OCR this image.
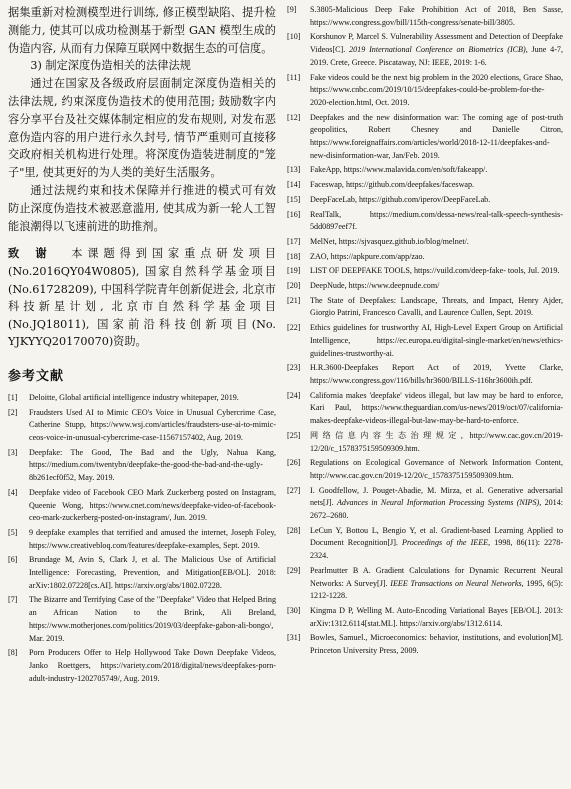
据集重新对检测模型进行训练, 修正模型缺陷、提升检测能力, 使其可以成功检测基于新型 GAN 模型生成的伪造内容, 从而有力保障互联网中数据生态的可信度。

3) 制定深度伪造相关的法律法规

通过在国家及各级政府层面制定深度伪造相关的法律法规, 约束深度伪造技术的使用范围; 鼓励数字内容分享平台及社交媒体制定相应的发布规则, 对发布恶意伪造内容的用户进行永久封号, 情节严重则可直接移交政府相关机构进行处理。将深度伪造装进制度的"笼子"里, 使其更好的为人类的美好生活服务。

通过法规约束和技术保障并行推进的模式可有效防止深度伪造技术被恶意滥用, 使其成为新一轮人工智能浪潮得以飞速前进的助推剂。

致谢 本课题得到国家重点研发项目(No.2016QY04W0805), 国家自然科学基金项目(No.61728209), 中国科学院青年创新促进会, 北京市科技新星计划, 北京市自然科学基金项目(No.JQ18011), 国家前沿科技创新项目(No. YJKYYQ20170070)资助。

参考文献
[1] Deloitte, Global artificial intelligence industry whitepaper, 2019.
[2] Fraudsters Used AI to Mimic CEO's Voice in Unusual Cybercrime Case, Catherine Stupp, https://www.wsj.com/articles/fraudsters-use-ai-to-mimic-ceos-voice-in-unusual-cybercrime-case-11567157402, Aug. 2019.
[3] Deepfake: The Good, The Bad and the Ugly, Nahua Kang, https://medium.com/twentybn/deepfake-the-good-the-bad-and-the-ugly-8b261ecf0f52, May. 2019.
[4] Deepfake video of Facebook CEO Mark Zuckerberg posted on Instagram, Queenie Wong, https://www.cnet.com/news/deepfake-video-of-facebook-ceo-mark-zuckerberg-posted-on-instagram/, Jun. 2019.
[5] 9 deepfake examples that terrified and amused the internet, Joseph Foley, https://www.creativebloq.com/features/deepfake-examples, Sept. 2019.
[6] Brundage M, Avin S, Clark J, et al. The Malicious Use of Artificial Intelligence: Forecasting, Prevention, and Mitigation[EB/OL]. 2018: arXiv:1802.07228[cs.AI]. https://arxiv.org/abs/1802.07228.
[7] The Bizarre and Terrifying Case of the "Deepfake" Video that Helped Bring an African Nation to the Brink, Ali Breland, https://www.motherjones.com/politics/2019/03/deepfake-gabon-ali-bongo/, Mar. 2019.
[8] Porn Producers Offer to Help Hollywood Take Down Deepfake Videos, Janko Roettgers, https://variety.com/2018/digital/news/deepfakes-porn-adult-industry-1202705749/, Aug. 2019.
[9] S.3805-Malicious Deep Fake Prohibition Act of 2018, Ben Sasse, https://www.congress.gov/bill/115th-congress/senate-bill/3805.
[10] Korshunov P, Marcel S. Vulnerability Assessment and Detection of Deepfake Videos[C]. 2019 International Conference on Biometrics (ICB), June 4-7, 2019. Crete, Greece. Piscataway, NJ: IEEE, 2019: 1-6.
[11] Fake videos could be the next big problem in the 2020 elections, Grace Shao, https://www.cnbc.com/2019/10/15/deepfakes-could-be-problem-for-the-2020-election.html, Oct. 2019.
[12] Deepfakes and the new disinformation war: The coming age of post-truth geopolitics, Robert Chesney and Danielle Citron, https://www.foreignaffairs.com/articles/world/2018-12-11/deepfakes-and-new-disinformation-war, Jan/Feb. 2019.
[13] FakeApp, https://www.malavida.com/en/soft/fakeapp/.
[14] Faceswap, https://github.com/deepfakes/faceswap.
[15] DeepFaceLab, https://github.com/iperov/DeepFaceLab.
[16] RealTalk, https://medium.com/dessa-news/real-talk-speech-synthesis-5dd0897eef7f.
[17] MelNet, https://sjvasquez.github.io/blog/melnet/.
[18] ZAO, https://apkpure.com/app/zao.
[19] LIST OF DEEPFAKE TOOLS, https://vuild.com/deep-fake- tools, Jul. 2019.
[20] DeepNude, https://www.deepnude.com/
[21] The State of Deepfakes: Landscape, Threats, and Impact, Henry Ajder, Giorgio Patrini, Francesco Cavalli, and Laurence Cullen, Sept. 2019.
[22] Ethics guidelines for trustworthy AI, High-Level Expert Group on Artificial Intelligence, https://ec.europa.eu/digital-single-market/en/news/ethics-guidelines-trustworthy-ai.
[23] H.R.3600-Deepfakes Report Act of 2019, Yvette Clarke, https://www.congress.gov/116/bills/hr3600/BILLS-116hr3600ih.pdf.
[24] California makes 'deepfake' videos illegal, but law may be hard to enforce, Kari Paul, https://www.theguardian.com/us-news/2019/oct/07/california-makes-deepfake-videos-illegal-but-law-may-be-hard-to-enforce.
[25] 网络信息内容生态治理规定, http://www.cac.gov.cn/2019-12/20/c_1578375159509309.htm.
[26] Regulations on Ecological Governance of Network Information Content, http://www.cac.gov.cn/2019-12/20/c_1578375159509309.htm.
[27] I. Goodfellow, J. Pouget-Abadie, M. Mirza, et al. Generative adversarial nets[J]. Advances in Neural Information Processing Systems (NIPS), 2014: 2672–2680.
[28] LeCun Y, Bottou L, Bengio Y, et al. Gradient-based Learning Applied to Document Recognition[J]. Proceedings of the IEEE, 1998, 86(11): 2278-2324.
[29] Pearlmutter B A. Gradient Calculations for Dynamic Recurrent Neural Networks: A Survey[J]. IEEE Transactions on Neural Networks, 1995, 6(5): 1212-1228.
[30] Kingma D P, Welling M. Auto-Encoding Variational Bayes [EB/OL]. 2013: arXiv:1312.6114[stat.ML]. https://arxiv.org/abs/1312.6114.
[31] Bowles, Samuel., Microeconomics: behavior, institutions, and evolution[M]. Princeton University Press, 2009.
